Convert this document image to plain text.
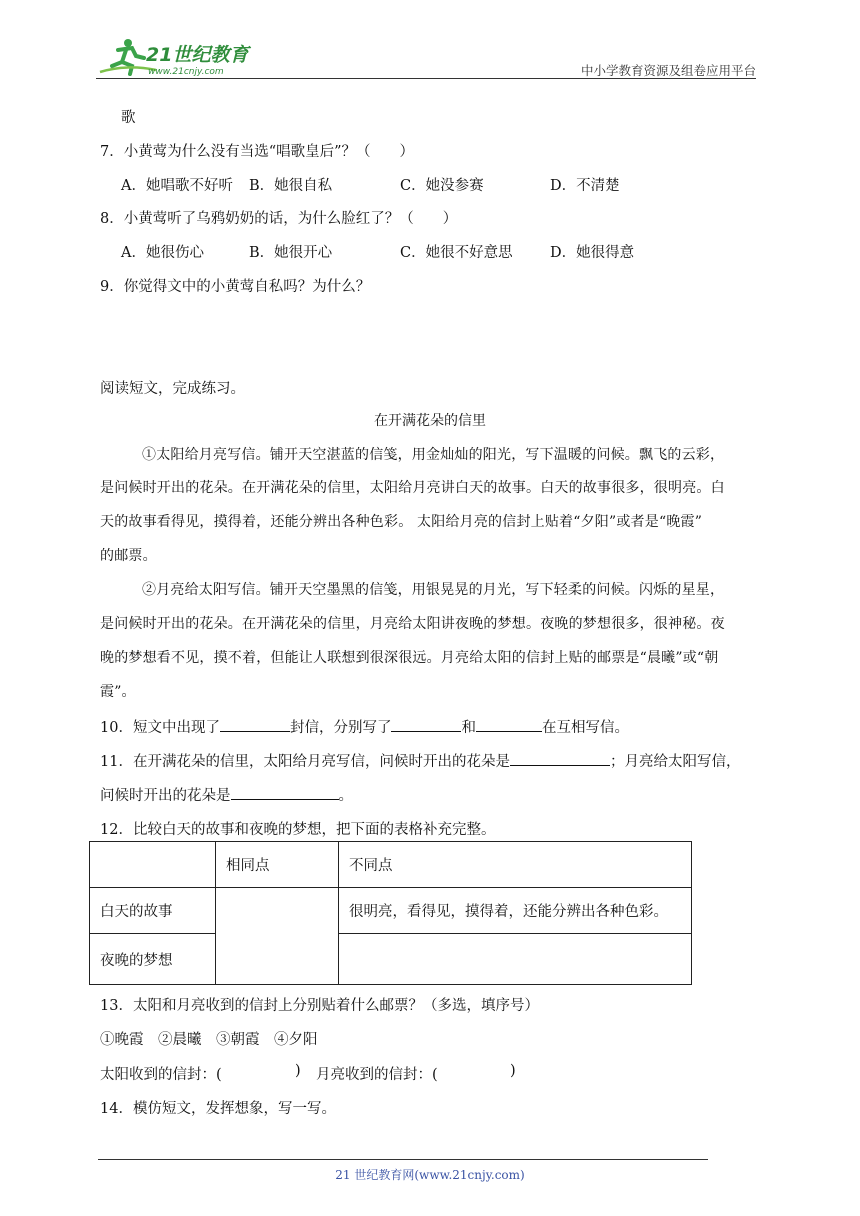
21世纪教育
www.21cnjy.com	中小学教育资源及组卷应用平台
歌
7．小黄莺为什么没有当选“唱歌皇后”？（　　）
A．她唱歌不好听 B．她很自私	C．她没参赛	D．不清楚
8．小黄莺听了乌鸦奶奶的话，为什么脸红了？（　　）
A．她很伤心	B．她很开心	C．她很不好意思	D．她很得意
9．你觉得文中的小黄莺自私吗？为什么？
阅读短文，完成练习。
在开满花朵的信里
①太阳给月亮写信。铺开天空湛蓝的信笺，用金灿灿的阳光，写下温暖的问候。飘飞的云彩，
是问候时开出的花朵。在开满花朵的信里，太阳给月亮讲白天的故事。白天的故事很多，很明亮。白
天的故事看得见，摸得着，还能分辨出各种色彩。 太阳给月亮的信封上贴着“夕阳”或者是“晚霞”
的邮票。
②月亮给太阳写信。铺开天空墨黑的信笺，用银晃晃的月光，写下轻柔的问候。闪烁的星星，
是问候时开出的花朵。在开满花朵的信里，月亮给太阳讲夜晚的梦想。夜晚的梦想很多，很神秘。夜
晚的梦想看不见，摸不着，但能让人联想到很深很远。月亮给太阳的信封上贴的邮票是“晨曦”或“朝
霞”。
10．短文中出现了	封信，分别写了	和	在互相写信。
11．在开满花朵的信里，太阳给月亮写信，问候时开出的花朵是	；月亮给太阳写信，
问候时开出的花朵是	。
12．比较白天的故事和夜晚的梦想，把下面的表格补充完整。
	相同点	不同点
白天的故事		很明亮，看得见，摸得着，还能分辨出各种色彩。
夜晚的梦想		
13．太阳和月亮收到的信封上分别贴着什么邮票？（多选，填序号）
①晚霞　②晨曦　③朝霞　④夕阳
太阳收到的信封：(	) 月亮收到的信封：(	)
14．模仿短文，发挥想象，写一写。
21 世纪教育网(www.21cnjy.com)
